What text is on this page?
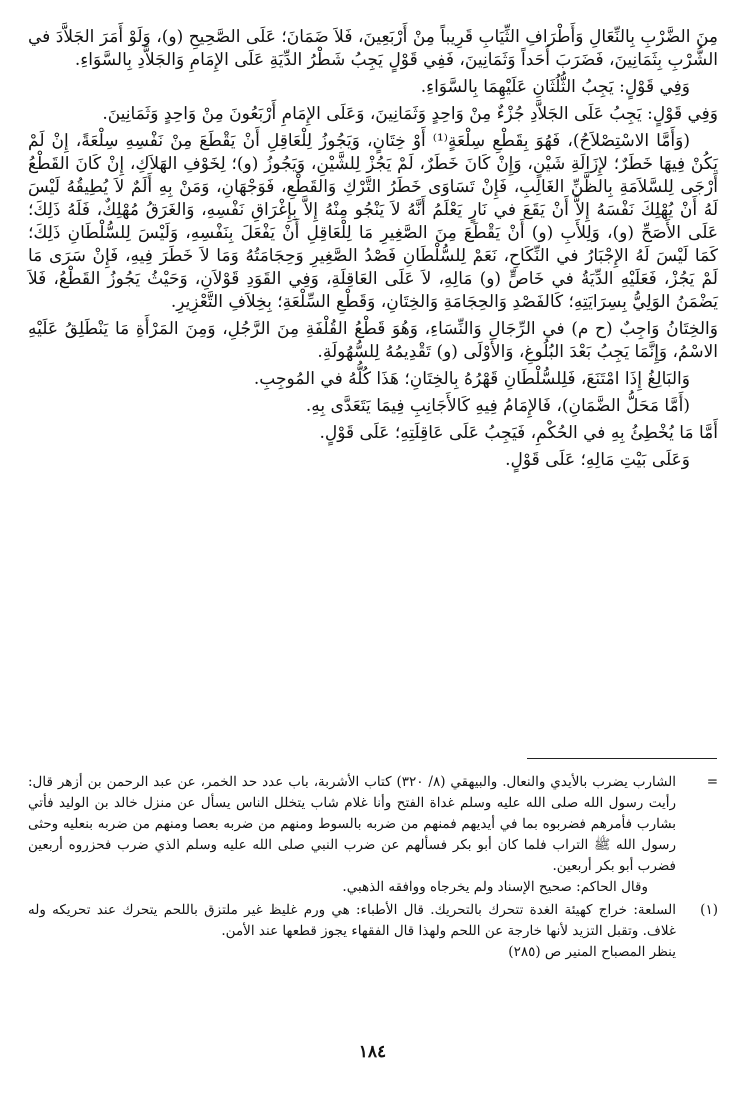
مِنَ الضَّرْبِ بِالنِّعَالِ وَأَطْرَافِ الثِّيَابِ قَرِيباً مِنْ أَرْبَعِينَ، فَلاَ ضَمَانَ؛ عَلَى الصَّحِيحِ (و)، وَلَوْ أَمَرَ الجَلاَّدَ في الشُّرْبِ بِثَمَانِينَ، فَضَرَبَ أَحَداً وَثَمَانِينَ، فَفِي قَوْلٍ يَجِبُ شَطْرُ الدِّيَةِ عَلَى الإِمَامِ وَالجَلاَّدِ بِالسَّوَاءِ.

وَفِي قَوْلٍ: يَجِبُ الثُّلُثَانِ عَلَيْهِمَا بِالسَّوَاءِ.

وَفِي قَوْلٍ: يَجِبُ عَلَى الجَلاَّدِ جُزْءٌ مِنْ وَاحِدٍ وَثَمَانِينَ، وَعَلَى الإِمَامِ أَرْبَعُونَ مِنْ وَاحِدٍ وَثَمَانِينَ.

(وَأَمَّا الاسْتِصْلاَحُ)، فَهُوَ بِقَطْعِ سِلْعَةٍ⁽¹⁾ أَوْ خِتَانٍ، وَيَجُوزُ لِلْعَاقِلِ أَنْ يَقْطَعَ مِنْ نَفْسِهِ سِلْعَةً، إِنْ لَمْ يَكُنْ فِيهَا خَطَرٌ؛ لإِزَالَةِ شَيْنٍ، وَإِنْ كَانَ خَطَرٌ، لَمْ يَجُزْ لِلشَّيْنِ، وَيَجُوزُ (و)؛ لِخَوْفِ الهَلاَكِ، إِنْ كَانَ القَطْعُ أَرْجَى لِلسَّلاَمَةِ بِالظَّنِّ الغَالِبِ، فَإِنْ تَسَاوَى خَطَرُ التَّرْكِ وَالقَطْعِ، فَوَجْهَانِ، وَمَنْ بِهِ أَلَمٌ لاَ يُطِيقُهُ لَيْسَ لَهُ أَنْ يُهْلِكَ نَفْسَهُ إِلاَّ أَنْ يَقَعَ في نَارٍ يَعْلَمُ أَنَّهُ لاَ يَنْجُو مِنْهُ إِلاَّ بِإِغْرَاقِ نَفْسِهِ، وَالغَرَقُ مُهْلِكٌ، فَلَهُ ذَلِكَ؛ عَلَى الأَصَحِّ (و)، وَلِلأَبِ (و) أَنْ يَقْطَعَ مِنَ الصَّغِيرِ مَا لِلْعَاقِلِ أَنْ يَفْعَلَ بِنَفْسِهِ، وَلَيْسَ لِلسُّلْطَانِ ذَلِكَ؛ كَمَا لَيْسَ لَهُ الإِجْبَارُ في النِّكَاحِ، نَعَمْ لِلسُّلْطَانِ فَصْدُ الصَّغِيرِ وَحِجَامَتُهُ وَمَا لاَ خَطَرَ فِيهِ، فَإِنْ سَرَى مَا لَمْ يَجُزْ، فَعَلَيْهِ الدِّيَةُ في خَاصٍّ (و) مَالِهِ، لاَ عَلَى العَاقِلَةِ، وَفِي القَوَدِ قَوْلاَنِ، وَحَيْثُ يَجُوزُ القَطْعُ، فَلاَ يَضْمَنُ الوَلِيُّ بِسِرَايَتِهِ؛ كَالفَصْدِ وَالحِجَامَةِ وَالخِتَانِ، وَقَطْعِ السِّلْعَةِ؛ بِخِلاَفِ التَّعْزِيرِ.

وَالخِتَانُ وَاجِبٌ (ح م) في الرِّجَالِ وَالنِّسَاءِ، وَهُوَ قَطْعُ القُلْفَةِ مِنَ الرَّجُلِ، وَمِنَ المَرْأَةِ مَا يَنْطَلِقُ عَلَيْهِ الاسْمُ، وَإِنَّمَا يَجِبُ بَعْدَ البُلُوغِ، وَالأَوْلَى (و) تَقْدِيمُهُ لِلسُّهُولَةِ.

وَالبَالِغُ إِذَا امْتَنَعَ، فَلِلسُّلْطَانِ قَهْرُهُ بِالخِتَانِ؛ هَذَا كُلُّهُ في المُوجِبِ.

(أَمَّا مَحَلُّ الضَّمَانِ)، فَالإِمَامُ فِيهِ كَالأَجَانِبِ فِيمَا يَتَعَدَّى بِهِ.

أَمَّا مَا يُخْطِئُ بِهِ في الحُكْمِ، فَيَجِبُ عَلَى عَاقِلَتِهِ؛ عَلَى قَوْلٍ.

وَعَلَى بَيْتِ مَالِهِ؛ عَلَى قَوْلٍ.

=

الشارب يضرب بالأيدي والنعال. والبيهقي (٨/ ٣٢٠) كتاب الأشربة، باب عدد حد الخمر، عن عبد الرحمن بن أزهر قال: رأيت رسول الله صلى الله عليه وسلم غداة الفتح وأنا غلام شاب يتخلل الناس يسأل عن منزل خالد بن الوليد فأتي بشارب فأمرهم فضربوه بما في أيديهم فمنهم من ضربه بالسوط ومنهم من ضربه بعصا ومنهم من ضربه بنعليه وحثى رسول الله ﷺ التراب فلما كان أبو بكر فسألهم عن ضرب النبي صلى الله عليه وسلم الذي ضرب فحزروه أربعين فضرب أبو بكر أربعين.

وقال الحاكم: صحيح الإسناد ولم يخرجاه ووافقه الذهبي.

(١)

السلعة: خراج كهيئة الغدة تتحرك بالتحريك. قال الأطباء: هي ورم غليظ غير ملتزق باللحم يتحرك عند تحريكه وله غلاف. وتقبل التزيد لأنها خارجة عن اللحم ولهذا قال الفقهاء يجوز قطعها عند الأمن.

ينظر المصباح المنير ص (٢٨٥)

١٨٤
